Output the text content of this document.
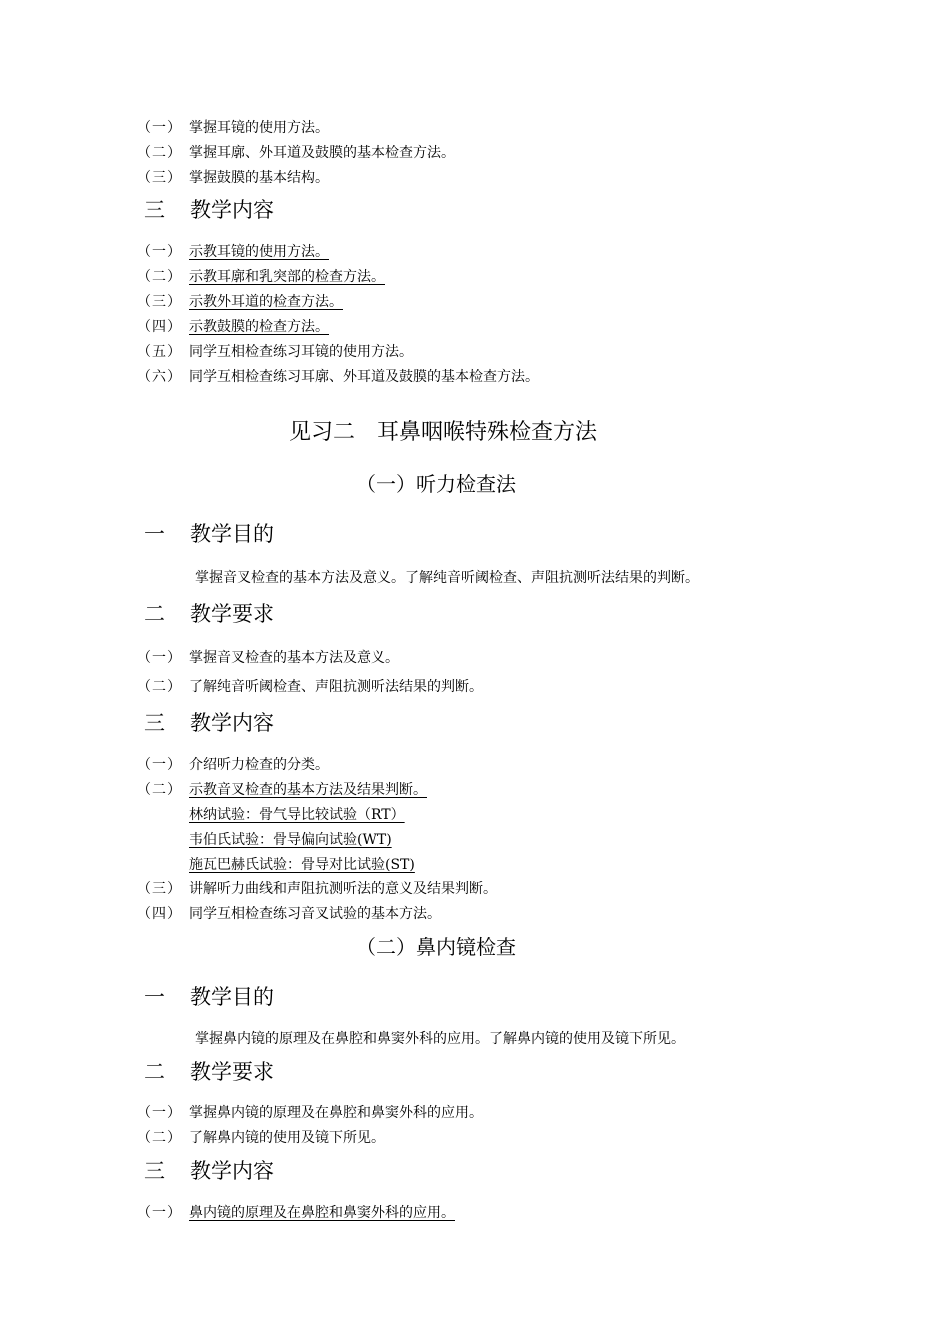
（一） 掌握耳镜的使用方法。
（二） 掌握耳廓、外耳道及鼓膜的基本检查方法。
（三） 掌握鼓膜的基本结构。
三 教学内容
（一） 示教耳镜的使用方法。
（二） 示教耳廓和乳突部的检查方法。
（三） 示教外耳道的检查方法。
（四） 示教鼓膜的检查方法。
（五） 同学互相检查练习耳镜的使用方法。
（六） 同学互相检查练习耳廓、外耳道及鼓膜的基本检查方法。
见习二　耳鼻咽喉特殊检查方法
（一）听力检查法
一 教学目的
掌握音叉检查的基本方法及意义。了解纯音听阈检查、声阻抗测听法结果的判断。
二 教学要求
（一） 掌握音叉检查的基本方法及意义。
（二） 了解纯音听阈检查、声阻抗测听法结果的判断。
三 教学内容
（一） 介绍听力检查的分类。
（二） 示教音叉检查的基本方法及结果判断。
林纳试验：骨气导比较试验（RT）
韦伯氏试验：骨导偏向试验(WT)
施瓦巴赫氏试验：骨导对比试验(ST)
（三） 讲解听力曲线和声阻抗测听法的意义及结果判断。
（四） 同学互相检查练习音叉试验的基本方法。
（二）鼻内镜检查
一 教学目的
掌握鼻内镜的原理及在鼻腔和鼻窦外科的应用。了解鼻内镜的使用及镜下所见。
二 教学要求
（一） 掌握鼻内镜的原理及在鼻腔和鼻窦外科的应用。
（二） 了解鼻内镜的使用及镜下所见。
三 教学内容
（一） 鼻内镜的原理及在鼻腔和鼻窦外科的应用。
